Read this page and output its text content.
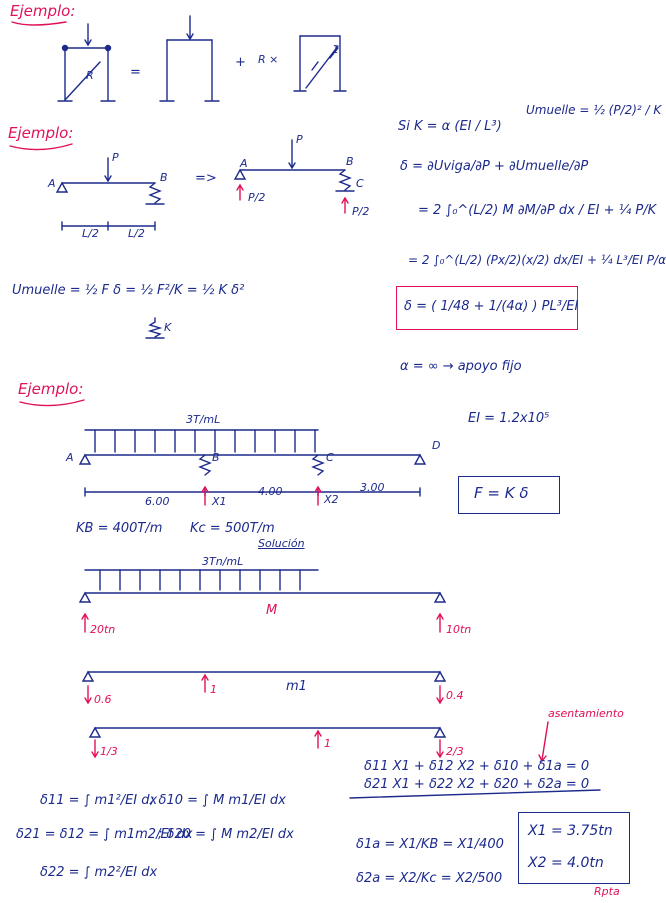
Ejemplo:
Ejemplo:
Ejemplo:
=
+ R ×
R
1
A
P
B =>
L/2	L/2
A
P
B
C
P/2
P/2
Umuelle = ½ F δ = ½ F²/K = ½ K δ²
K
Si K = α (EI / L³)
Umuelle = ½ (P/2)² / K
δ = ∂Uviga/∂P + ∂Umuelle/∂P
= 2 ∫₀^(L/2) M ∂M/∂P dx / EI + ¼ P/K
= 2 ∫₀^(L/2) (Px/2)(x/2) dx/EI + ¼ L³/EI P/α
δ = ( 1/48 + 1/(4α) ) PL³/EI
α = ∞ → apoyo fijo
3T/mL	EI = 1.2x10⁵
A	B	C
D
6.00
4.00	3.00
X1	X2	F = K δ
KB = 400T/m Kc = 500T/m
Solución
3Tn/mL
M
20tn	10tn
m1
0.6
1	0.4
1/3
1
2/3
asentamiento
δ11 = ∫ m1²/EI dx
; δ10 = ∫ M m1/EI dx
δ21 = δ12 = ∫ m1m2/EI dx
; δ20 = ∫ M m2/EI dx
δ22 = ∫ m2²/EI dx
δ11 X1 + δ12 X2 + δ10 + δ1a = 0
δ21 X1 + δ22 X2 + δ20 + δ2a = 0
δ1a = X1/KB = X1/400
δ2a = X2/Kc = X2/500
X1 = 3.75tn
X2 = 4.0tn
Rpta
